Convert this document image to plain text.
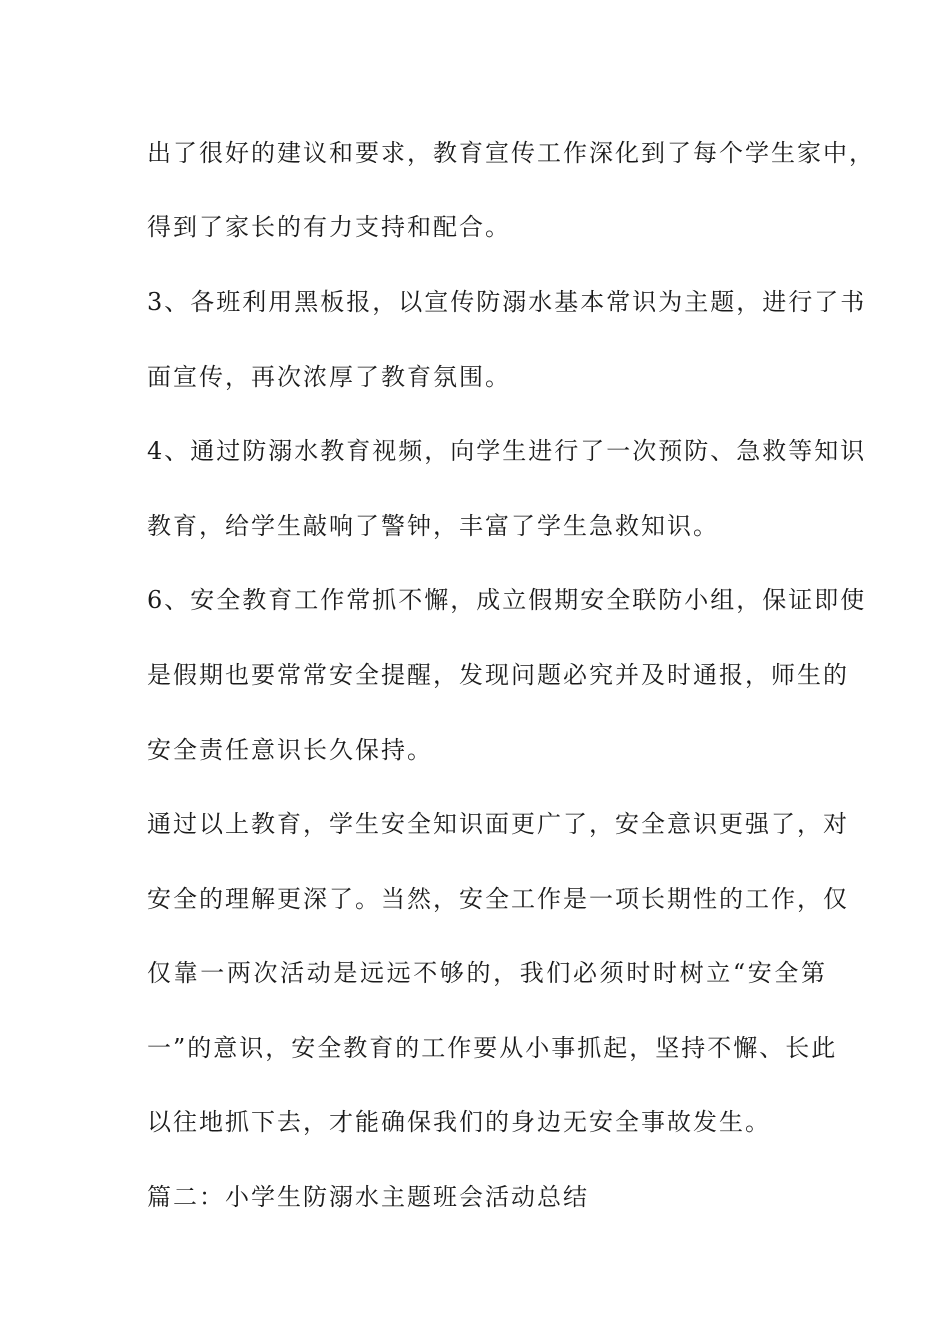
出了很好的建议和要求，教育宣传工作深化到了每个学生家中，
得到了家长的有力支持和配合。
3、各班利用黑板报，以宣传防溺水基本常识为主题，进行了书
面宣传，再次浓厚了教育氛围。
4、通过防溺水教育视频，向学生进行了一次预防、急救等知识
教育，给学生敲响了警钟，丰富了学生急救知识。
6、安全教育工作常抓不懈，成立假期安全联防小组，保证即使
是假期也要常常安全提醒，发现问题必究并及时通报，师生的
安全责任意识长久保持。
通过以上教育，学生安全知识面更广了，安全意识更强了，对
安全的理解更深了。当然，安全工作是一项长期性的工作，仅
仅靠一两次活动是远远不够的，我们必须时时树立“安全第
一”的意识，安全教育的工作要从小事抓起，坚持不懈、长此
以往地抓下去，才能确保我们的身边无安全事故发生。
篇二：小学生防溺水主题班会活动总结
